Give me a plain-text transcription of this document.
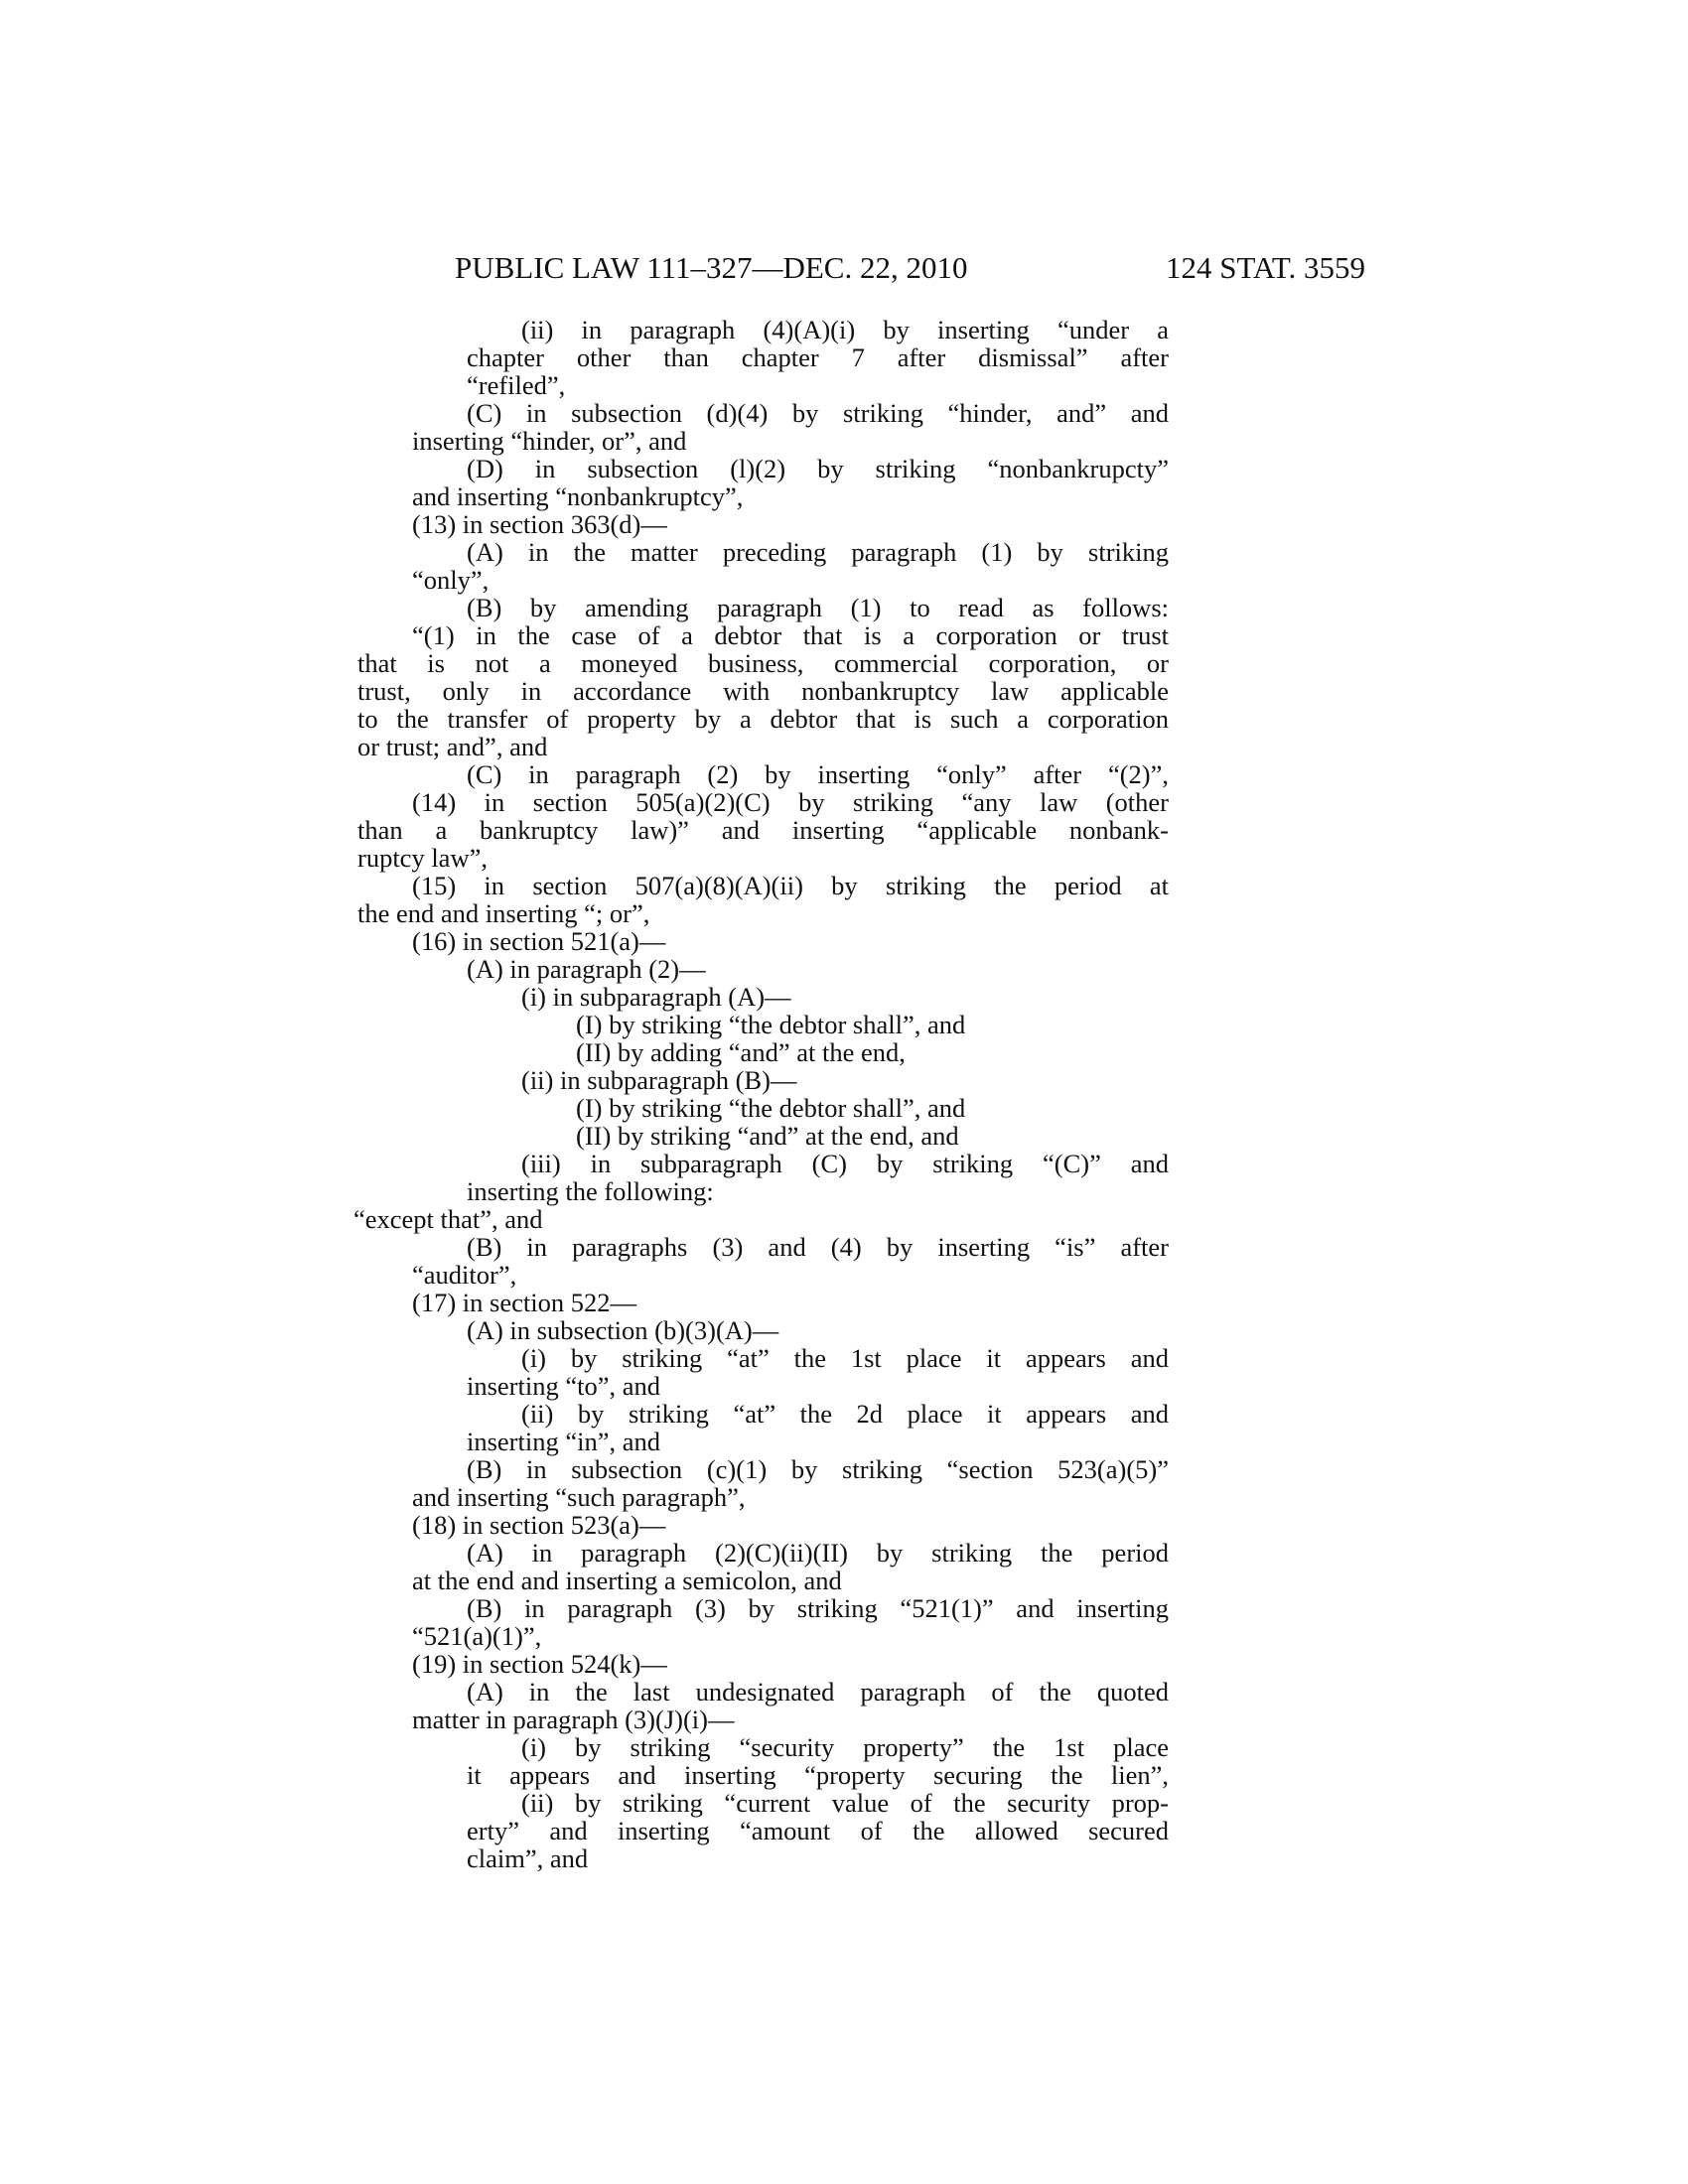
PUBLIC LAW 111–327—DEC. 22, 2010	124 STAT. 3559
(ii) in paragraph (4)(A)(i) by inserting “under a
chapter other than chapter 7 after dismissal” after
“refiled”,
(C) in subsection (d)(4) by striking “hinder, and” and
inserting “hinder, or”, and
(D) in subsection (l)(2) by striking “nonbankrupcty”
and inserting “nonbankruptcy”,
(13) in section 363(d)—
(A) in the matter preceding paragraph (1) by striking
“only”,
(B) by amending paragraph (1) to read as follows:
“(1) in the case of a debtor that is a corporation or trust
that is not a moneyed business, commercial corporation, or
trust, only in accordance with nonbankruptcy law applicable
to the transfer of property by a debtor that is such a corporation
or trust; and”, and
(C) in paragraph (2) by inserting “only” after “(2)”,
(14) in section 505(a)(2)(C) by striking “any law (other
than a bankruptcy law)” and inserting “applicable nonbank-
ruptcy law”,
(15) in section 507(a)(8)(A)(ii) by striking the period at
the end and inserting “; or”,
(16) in section 521(a)—
(A) in paragraph (2)—
(i) in subparagraph (A)—
(I) by striking “the debtor shall”, and
(II) by adding “and” at the end,
(ii) in subparagraph (B)—
(I) by striking “the debtor shall”, and
(II) by striking “and” at the end, and
(iii) in subparagraph (C) by striking “(C)” and
inserting the following:
“except that”, and
(B) in paragraphs (3) and (4) by inserting “is” after
“auditor”,
(17) in section 522—
(A) in subsection (b)(3)(A)—
(i) by striking “at” the 1st place it appears and
inserting “to”, and
(ii) by striking “at” the 2d place it appears and
inserting “in”, and
(B) in subsection (c)(1) by striking “section 523(a)(5)”
and inserting “such paragraph”,
(18) in section 523(a)—
(A) in paragraph (2)(C)(ii)(II) by striking the period
at the end and inserting a semicolon, and
(B) in paragraph (3) by striking “521(1)” and inserting
“521(a)(1)”,
(19) in section 524(k)—
(A) in the last undesignated paragraph of the quoted
matter in paragraph (3)(J)(i)—
(i) by striking “security property” the 1st place
it appears and inserting “property securing the lien”,
(ii) by striking “current value of the security prop-
erty” and inserting “amount of the allowed secured
claim”, and
